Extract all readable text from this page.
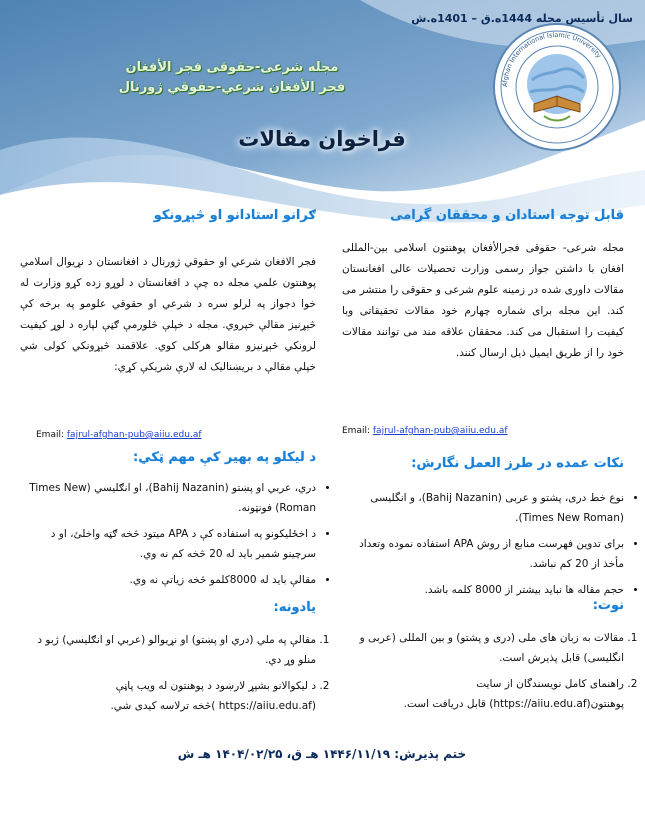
سال تأسیس مجله 1444ه.ق – 1401ه.ش
مجله شرعی-حقوقی فجر الأفغان
فجر الأفغان شرعي-حقوقي ژورنال
فراخوان مقالات
Afghan International Islamic University
قابل توجه استادان و محققان گرامی
مجله شرعی- حقوقی فجرالأفغان پوهنتون اسلامی بین-المللی افغان با داشتن جواز رسمی وزارت تحصیلات عالی افغانستان مقالات داوری شده در زمینه علوم شرعی و حقوقی را منتشر می کند. این مجله برای شماره چهارم خود مقالات تحقیقاتی وبا کیفیت را استقبال می کند. محققان علاقه مند می توانند مقالات خود را از طریق ایمیل ذیل ارسال کنند.
Email: fajrul-afghan-pub@aiiu.edu.af
نکات عمده در طرز العمل نگارش:
• نوع خط دری، پشتو و عربی (Bahij Nazanin)، و انگلیسی (Times New Roman).
• برای تدوین فهرست منابع از روش APA استفاده نموده وتعداد مأخذ از 20 کم نباشد.
• حجم مقاله ها نباید بیشتر از 8000 کلمه باشد.
نوت:
1. مقالات به زبان های ملی (دری و پشتو) و بین المللی (عربی و انگلیسی) قابل پذیرش است.
2. راهنمای کامل نویسندگان از سایت پوهنتون(https://aiiu.edu.af) قابل دریافت است.
ګرانو استادانو او څېړونکو
فجر الافغان شرعي او حقوقي ژورنال د افغانستان د نړیوال اسلامي پوهنتون علمي مجله ده چې د افغانستان د لوړو زده کړو وزارت له خوا دجواز په لرلو سره د شرعي او حقوقي علومو په برخه کې څېړنیز مقالې خپروي. مجله د خپلې څلورمې ګڼې لپاره د لوړ کیفیت لرونکي څېړنیزو مقالو هرکلی کوي. علاقمند څېړونکي کولی شي خپلې مقالې د بریښنالیک له لارې شریکې کړي:
Email: fajrul-afghan-pub@aiiu.edu.af
د لیکلو په بهیر کې مهم ټکي:
• دري، عربي او پښتو (Bahij Nazanin)، او انګلیسي (Times New Roman) فونټونه.
• د اخځلیکونو په استفاده کې د APA میتود څخه ګټه واخلئ، او د سرچینو شمیر باید له 20 څخه کم نه وي.
• مقالې باید له 8000کلمو څخه زیاتې نه وي.
یادونه:
1. مقالې په ملي (دري او پښتو) او نړیوالو (عربي او انګلیسي) ژبو د منلو وړ دي.
2. د لیکوالانو بشپړ لارښود د پوهنتون له ویب پاڼې (https://aiiu.edu.af )څخه ترلاسه کیدی شي.
ختم پذیرش: ۱۴۴۶/۱۱/۱۹ هـ ق، ۱۴۰۴/۰۲/۲۵ هـ ش
